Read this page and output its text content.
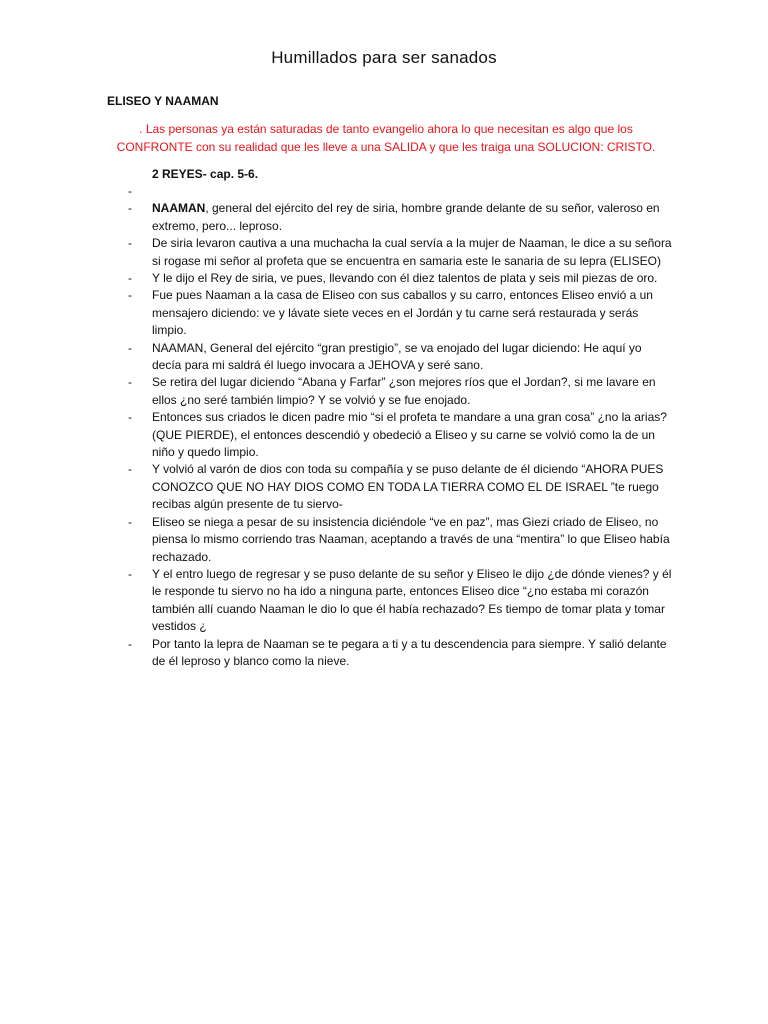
Humillados para ser sanados
ELISEO Y NAAMAN
. Las personas ya están saturadas de tanto evangelio ahora lo que necesitan es algo que los CONFRONTE con su realidad que les lleve a una SALIDA y que les traiga una SOLUCION: CRISTO.
2 REYES- cap. 5-6.
-
- NAAMAN, general del ejército del rey de siria, hombre grande delante de su señor, valeroso en extremo, pero... leproso.
- De siria levaron cautiva a una muchacha la cual servía a la mujer de Naaman, le dice a su señora si rogase mi señor al profeta que se encuentra en samaria este le sanaria de su lepra (ELISEO)
- Y le dijo el Rey de siria, ve pues, llevando con él diez talentos de plata y seis mil piezas de oro.
- Fue pues Naaman a la casa de Eliseo con sus caballos y su carro, entonces Eliseo envió a un mensajero diciendo: ve y lávate siete veces en el Jordán y tu carne será restaurada y serás limpio.
- NAAMAN, General del ejército “gran prestigio”, se va enojado del lugar diciendo: He aquí yo decía para mi saldrá él luego invocara a JEHOVA y seré sano.
- Se retira del lugar diciendo “Abana y Farfar” ¿son mejores ríos que el Jordan?, si me lavare en ellos ¿no seré también limpio? Y se volvió y se fue enojado.
- Entonces sus criados le dicen padre mio “si el profeta te mandare a una gran cosa” ¿no la arias? (QUE PIERDE), el entonces descendió y obedeció a Eliseo y su carne se volvió como la de un niño y quedo limpio.
- Y volvió al varón de dios con toda su compañía y se puso delante de él diciendo “AHORA PUES CONOZCO QUE NO HAY DIOS COMO EN TODA LA TIERRA COMO EL DE ISRAEL ”te ruego recibas algún presente de tu siervo-
- Eliseo se niega a pesar de su insistencia diciéndole “ve en paz”, mas Giezi criado de Eliseo, no piensa lo mismo corriendo tras Naaman, aceptando a través de una “mentira” lo que Eliseo había rechazado.
- Y el entro luego de regresar y se puso delante de su señor y Eliseo le dijo ¿de dónde vienes? y él le responde tu siervo no ha ido a ninguna parte, entonces Eliseo dice “¿no estaba mi corazón también allí cuando Naaman le dio lo que él había rechazado? Es tiempo de tomar plata y tomar vestidos ¿
- Por tanto la lepra de Naaman se te pegara a ti y a tu descendencia para siempre. Y salió delante de él leproso y blanco como la nieve.
